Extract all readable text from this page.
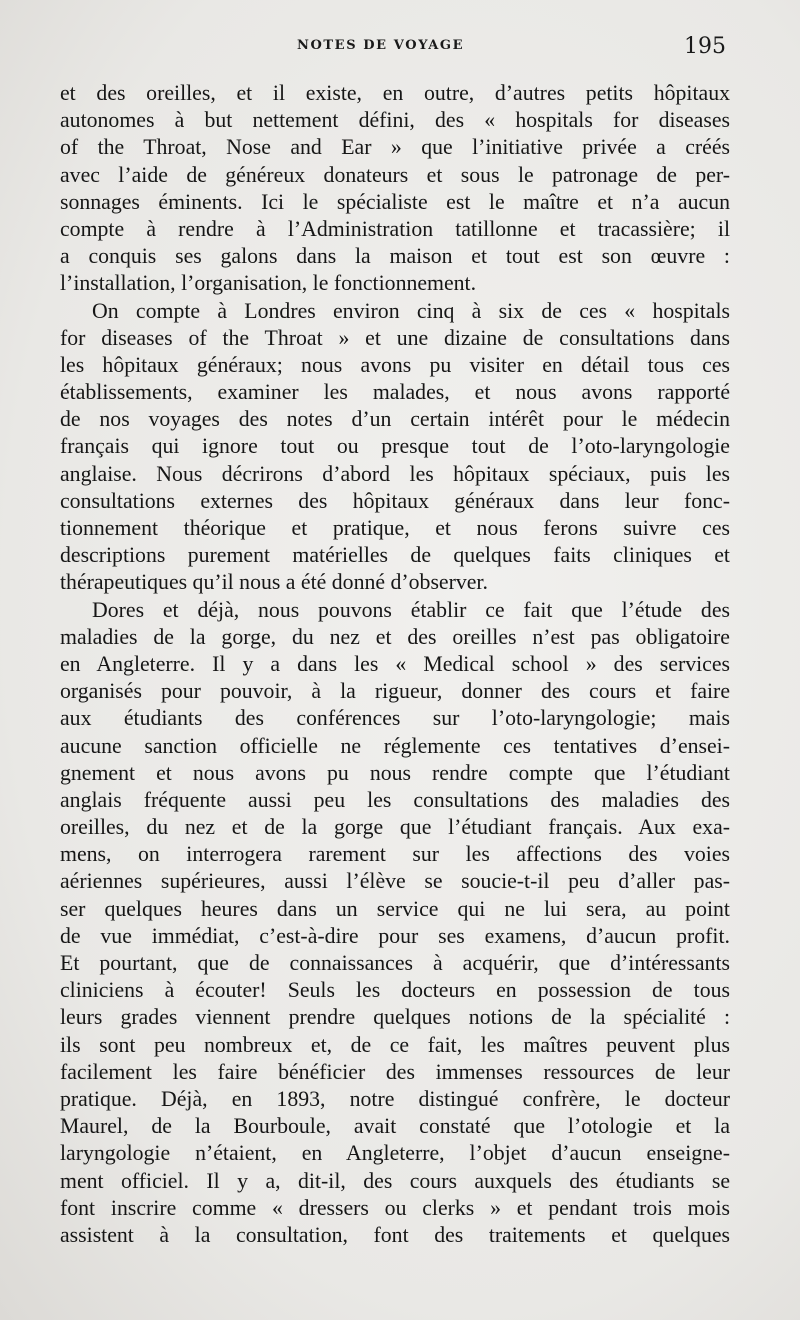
NOTES DE VOYAGE	195
et des oreilles, et il existe, en outre, d’autres petits hôpitaux
autonomes à but nettement défini, des « hospitals for diseases
of the Throat, Nose and Ear » que l’initiative privée a créés
avec l’aide de généreux donateurs et sous le patronage de per-
sonnages éminents. Ici le spécialiste est le maître et n’a aucun
compte à rendre à l’Administration tatillonne et tracassière; il
a conquis ses galons dans la maison et tout est son œuvre :
l’installation, l’organisation, le fonctionnement.
On compte à Londres environ cinq à six de ces « hospitals
for diseases of the Throat » et une dizaine de consultations dans
les hôpitaux généraux; nous avons pu visiter en détail tous ces
établissements, examiner les malades, et nous avons rapporté
de nos voyages des notes d’un certain intérêt pour le médecin
français qui ignore tout ou presque tout de l’oto-laryngologie
anglaise. Nous décrirons d’abord les hôpitaux spéciaux, puis les
consultations externes des hôpitaux généraux dans leur fonc-
tionnement théorique et pratique, et nous ferons suivre ces
descriptions purement matérielles de quelques faits cliniques et
thérapeutiques qu’il nous a été donné d’observer.
Dores et déjà, nous pouvons établir ce fait que l’étude des
maladies de la gorge, du nez et des oreilles n’est pas obligatoire
en Angleterre. Il y a dans les « Medical school » des services
organisés pour pouvoir, à la rigueur, donner des cours et faire
aux étudiants des conférences sur l’oto-laryngologie; mais
aucune sanction officielle ne réglemente ces tentatives d’ensei-
gnement et nous avons pu nous rendre compte que l’étudiant
anglais fréquente aussi peu les consultations des maladies des
oreilles, du nez et de la gorge que l’étudiant français. Aux exa-
mens, on interrogera rarement sur les affections des voies
aériennes supérieures, aussi l’élève se soucie-t-il peu d’aller pas-
ser quelques heures dans un service qui ne lui sera, au point
de vue immédiat, c’est-à-dire pour ses examens, d’aucun profit.
Et pourtant, que de connaissances à acquérir, que d’intéressants
cliniciens à écouter! Seuls les docteurs en possession de tous
leurs grades viennent prendre quelques notions de la spécialité :
ils sont peu nombreux et, de ce fait, les maîtres peuvent plus
facilement les faire bénéficier des immenses ressources de leur
pratique. Déjà, en 1893, notre distingué confrère, le docteur
Maurel, de la Bourboule, avait constaté que l’otologie et la
laryngologie n’étaient, en Angleterre, l’objet d’aucun enseigne-
ment officiel. Il y a, dit-il, des cours auxquels des étudiants se
font inscrire comme « dressers ou clerks » et pendant trois mois
assistent à la consultation, font des traitements et quelques
